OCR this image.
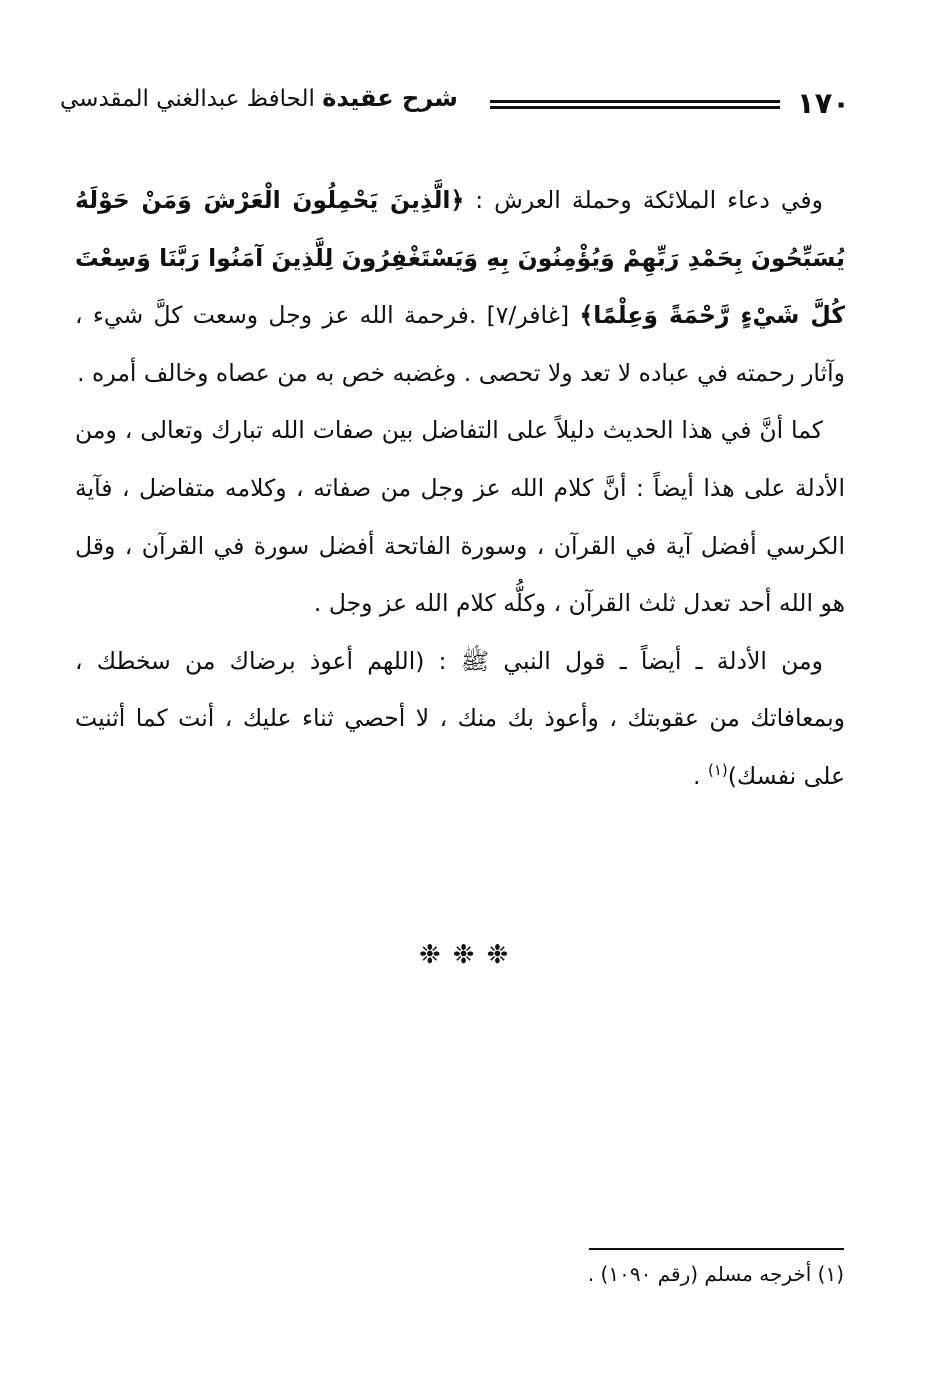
١٧٠
شرح عقيدة الحافظ عبدالغني المقدسي

وفي دعاء الملائكة وحملة العرش : ﴿الَّذِينَ يَحْمِلُونَ الْعَرْشَ وَمَنْ حَوْلَهُ يُسَبِّحُونَ بِحَمْدِ رَبِّهِمْ وَيُؤْمِنُونَ بِهِ وَيَسْتَغْفِرُونَ لِلَّذِينَ آمَنُوا رَبَّنَا وَسِعْتَ كُلَّ شَيْءٍ رَّحْمَةً وَعِلْمًا﴾ [غافر/٧] .فرحمة الله عز وجل وسعت كلَّ شيء ، وآثار رحمته في عباده لا تعد ولا تحصى . وغضبه خص به من عصاه وخالف أمره .

كما أنَّ في هذا الحديث دليلاً على التفاضل بين صفات الله تبارك وتعالى ، ومن الأدلة على هذا أيضاً : أنَّ كلام الله عز وجل من صفاته ، وكلامه متفاضل ، فآية الكرسي أفضل آية في القرآن ، وسورة الفاتحة أفضل سورة في القرآن ، وقل هو الله أحد تعدل ثلث القرآن ، وكلُّه كلام الله عز وجل .

ومن الأدلة ـ أيضاً ـ قول النبي ﷺ : (اللهم أعوذ برضاك من سخطك ، وبمعافاتك من عقوبتك ، وأعوذ بك منك ، لا أحصي ثناء عليك ، أنت كما أثنيت على نفسك)$^{(١)}$ .

❉❉❉
(١) أخرجه مسلم (رقم ١٠٩٠) .
